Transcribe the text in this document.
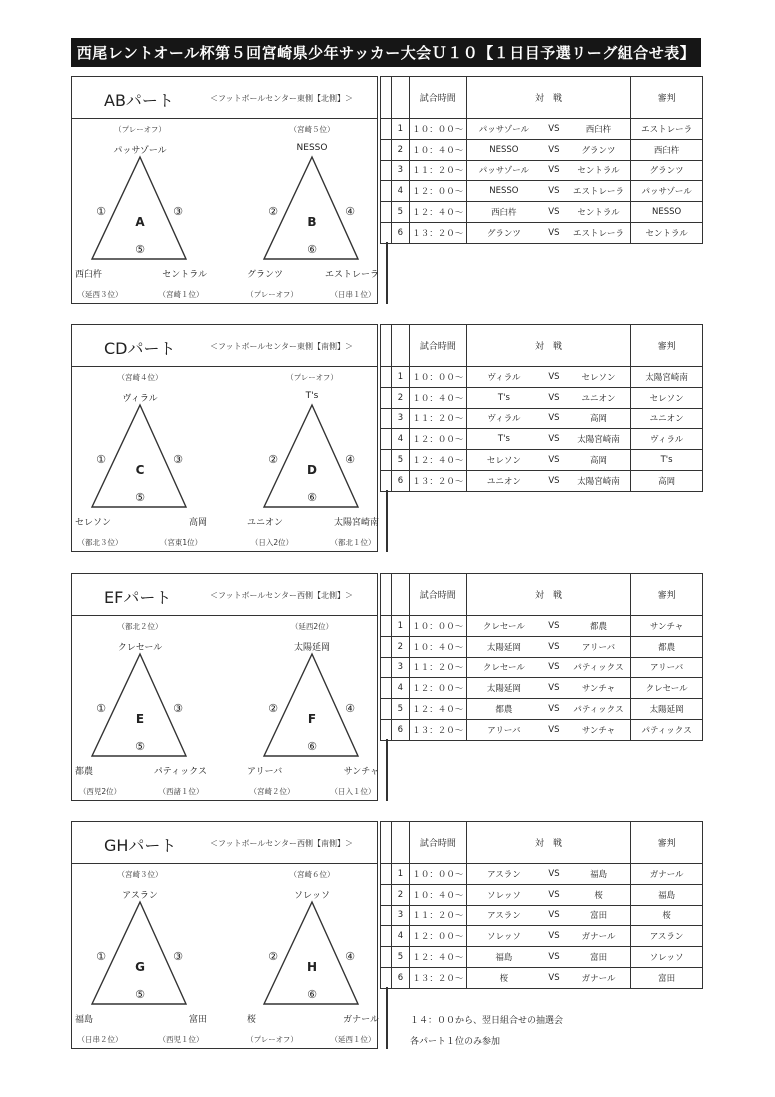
西尾レントオール杯第５回宮崎県少年サッカー大会Ｕ１０【１日目予選リーグ組合せ表】
ABパート	＜フットボールセンター東側【北側】＞
（プレーオフ）
パッサゾール
A
①	③
⑤
西臼杵	セントラル
（延西３位）	（宮崎１位）
（宮崎５位）
NESSO
B
②	④
⑥
グランツ	エストレーラ
（プレーオフ）	（日串１位）
		試合時間	対　戦			審判
	1	１０：００～	パッサゾール	VS	西臼杵	エストレーラ
	2	１０：４０～	NESSO	VS	グランツ	西臼杵
	3	１１：２０～	パッサゾール	VS	セントラル	グランツ
	4	１２：００～	NESSO	VS	エストレーラ	パッサゾール
	5	１２：４０～	西臼杵	VS	セントラル	NESSO
	6	１３：２０～	グランツ	VS	エストレーラ	セントラル
CDパート	＜フットボールセンター東側【南側】＞
（宮崎４位）
ヴィラル
C
①	③
⑤
セレソン	高岡
（都北３位）	（宮東1位）
（プレーオフ）
T's
D
②	④
⑥
ユニオン	太陽宮崎南
（日入2位）	（都北１位）
		試合時間	対　戦			審判
	1	１０：００～	ヴィラル	VS	セレソン	太陽宮崎南
	2	１０：４０～	T's	VS	ユニオン	セレソン
	3	１１：２０～	ヴィラル	VS	高岡	ユニオン
	4	１２：００～	T's	VS	太陽宮崎南	ヴィラル
	5	１２：４０～	セレソン	VS	高岡	T's
	6	１３：２０～	ユニオン	VS	太陽宮崎南	高岡
EFパート	＜フットボールセンター西側【北側】＞
（都北２位）
クレセール
E
①	③
⑤
都農	パティックス
（西児2位）	（西諸１位）
（延西2位）
太陽延岡
F
②	④
⑥
アリーバ	サンチャ
（宮崎２位）	（日入１位）
		試合時間	対　戦			審判
	1	１０：００～	クレセール	VS	都農	サンチャ
	2	１０：４０～	太陽延岡	VS	アリーバ	都農
	3	１１：２０～	クレセール	VS	パティックス	アリーバ
	4	１２：００～	太陽延岡	VS	サンチャ	クレセール
	5	１２：４０～	都農	VS	パティックス	太陽延岡
	6	１３：２０～	アリーバ	VS	サンチャ	パティックス
GHパート	＜フットボールセンター西側【南側】＞
（宮崎３位）
アスラン
G
①	③
⑤
福島	富田
（日串２位）	（西児１位）
（宮崎６位）
ソレッソ
H
②	④
⑥
桜	ガナール
（プレーオフ）	（延西１位）
		試合時間	対　戦			審判
	1	１０：００～	アスラン	VS	福島	ガナール
	2	１０：４０～	ソレッソ	VS	桜	福島
	3	１１：２０～	アスラン	VS	富田	桜
	4	１２：００～	ソレッソ	VS	ガナール	アスラン
	5	１２：４０～	福島	VS	富田	ソレッソ
	6	１３：２０～	桜	VS	ガナール	富田
１４：００から、翌日組合せの抽選会
各パート１位のみ参加
